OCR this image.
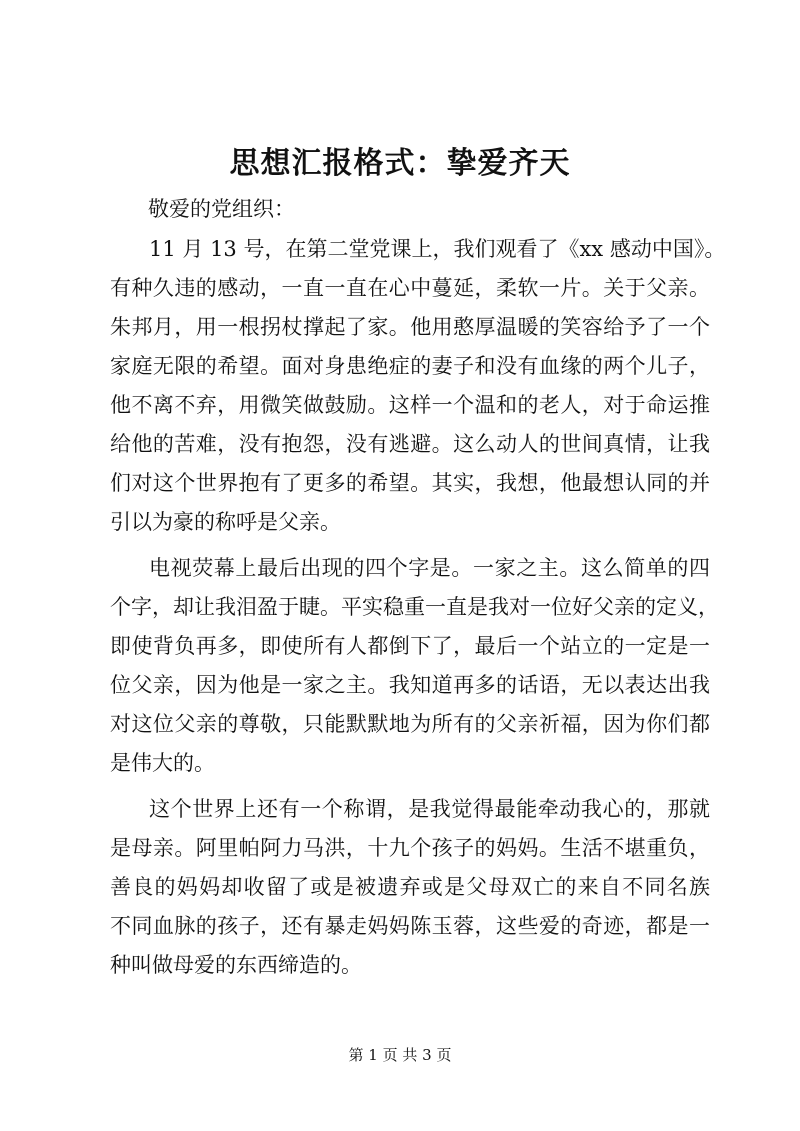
思想汇报格式：挚爱齐天

敬爱的党组织：

11 月 13 号，在第二堂党课上，我们观看了《xx 感动中国》。
有种久违的感动，一直一直在心中蔓延，柔软一片。关于父亲。
朱邦月，用一根拐杖撑起了家。他用憨厚温暖的笑容给予了一个
家庭无限的希望。面对身患绝症的妻子和没有血缘的两个儿子，
他不离不弃，用微笑做鼓励。这样一个温和的老人，对于命运推
给他的苦难，没有抱怨，没有逃避。这么动人的世间真情，让我
们对这个世界抱有了更多的希望。其实，我想，他最想认同的并
引以为豪的称呼是父亲。
电视荧幕上最后出现的四个字是。一家之主。这么简单的四
个字，却让我泪盈于睫。平实稳重一直是我对一位好父亲的定义，
即使背负再多，即使所有人都倒下了，最后一个站立的一定是一
位父亲，因为他是一家之主。我知道再多的话语，无以表达出我
对这位父亲的尊敬，只能默默地为所有的父亲祈福，因为你们都
是伟大的。
这个世界上还有一个称谓，是我觉得最能牵动我心的，那就
是母亲。阿里帕阿力马洪，十九个孩子的妈妈。生活不堪重负，
善良的妈妈却收留了或是被遗弃或是父母双亡的来自不同名族
不同血脉的孩子，还有暴走妈妈陈玉蓉，这些爱的奇迹，都是一
种叫做母爱的东西缔造的。

第 1 页 共 3 页
